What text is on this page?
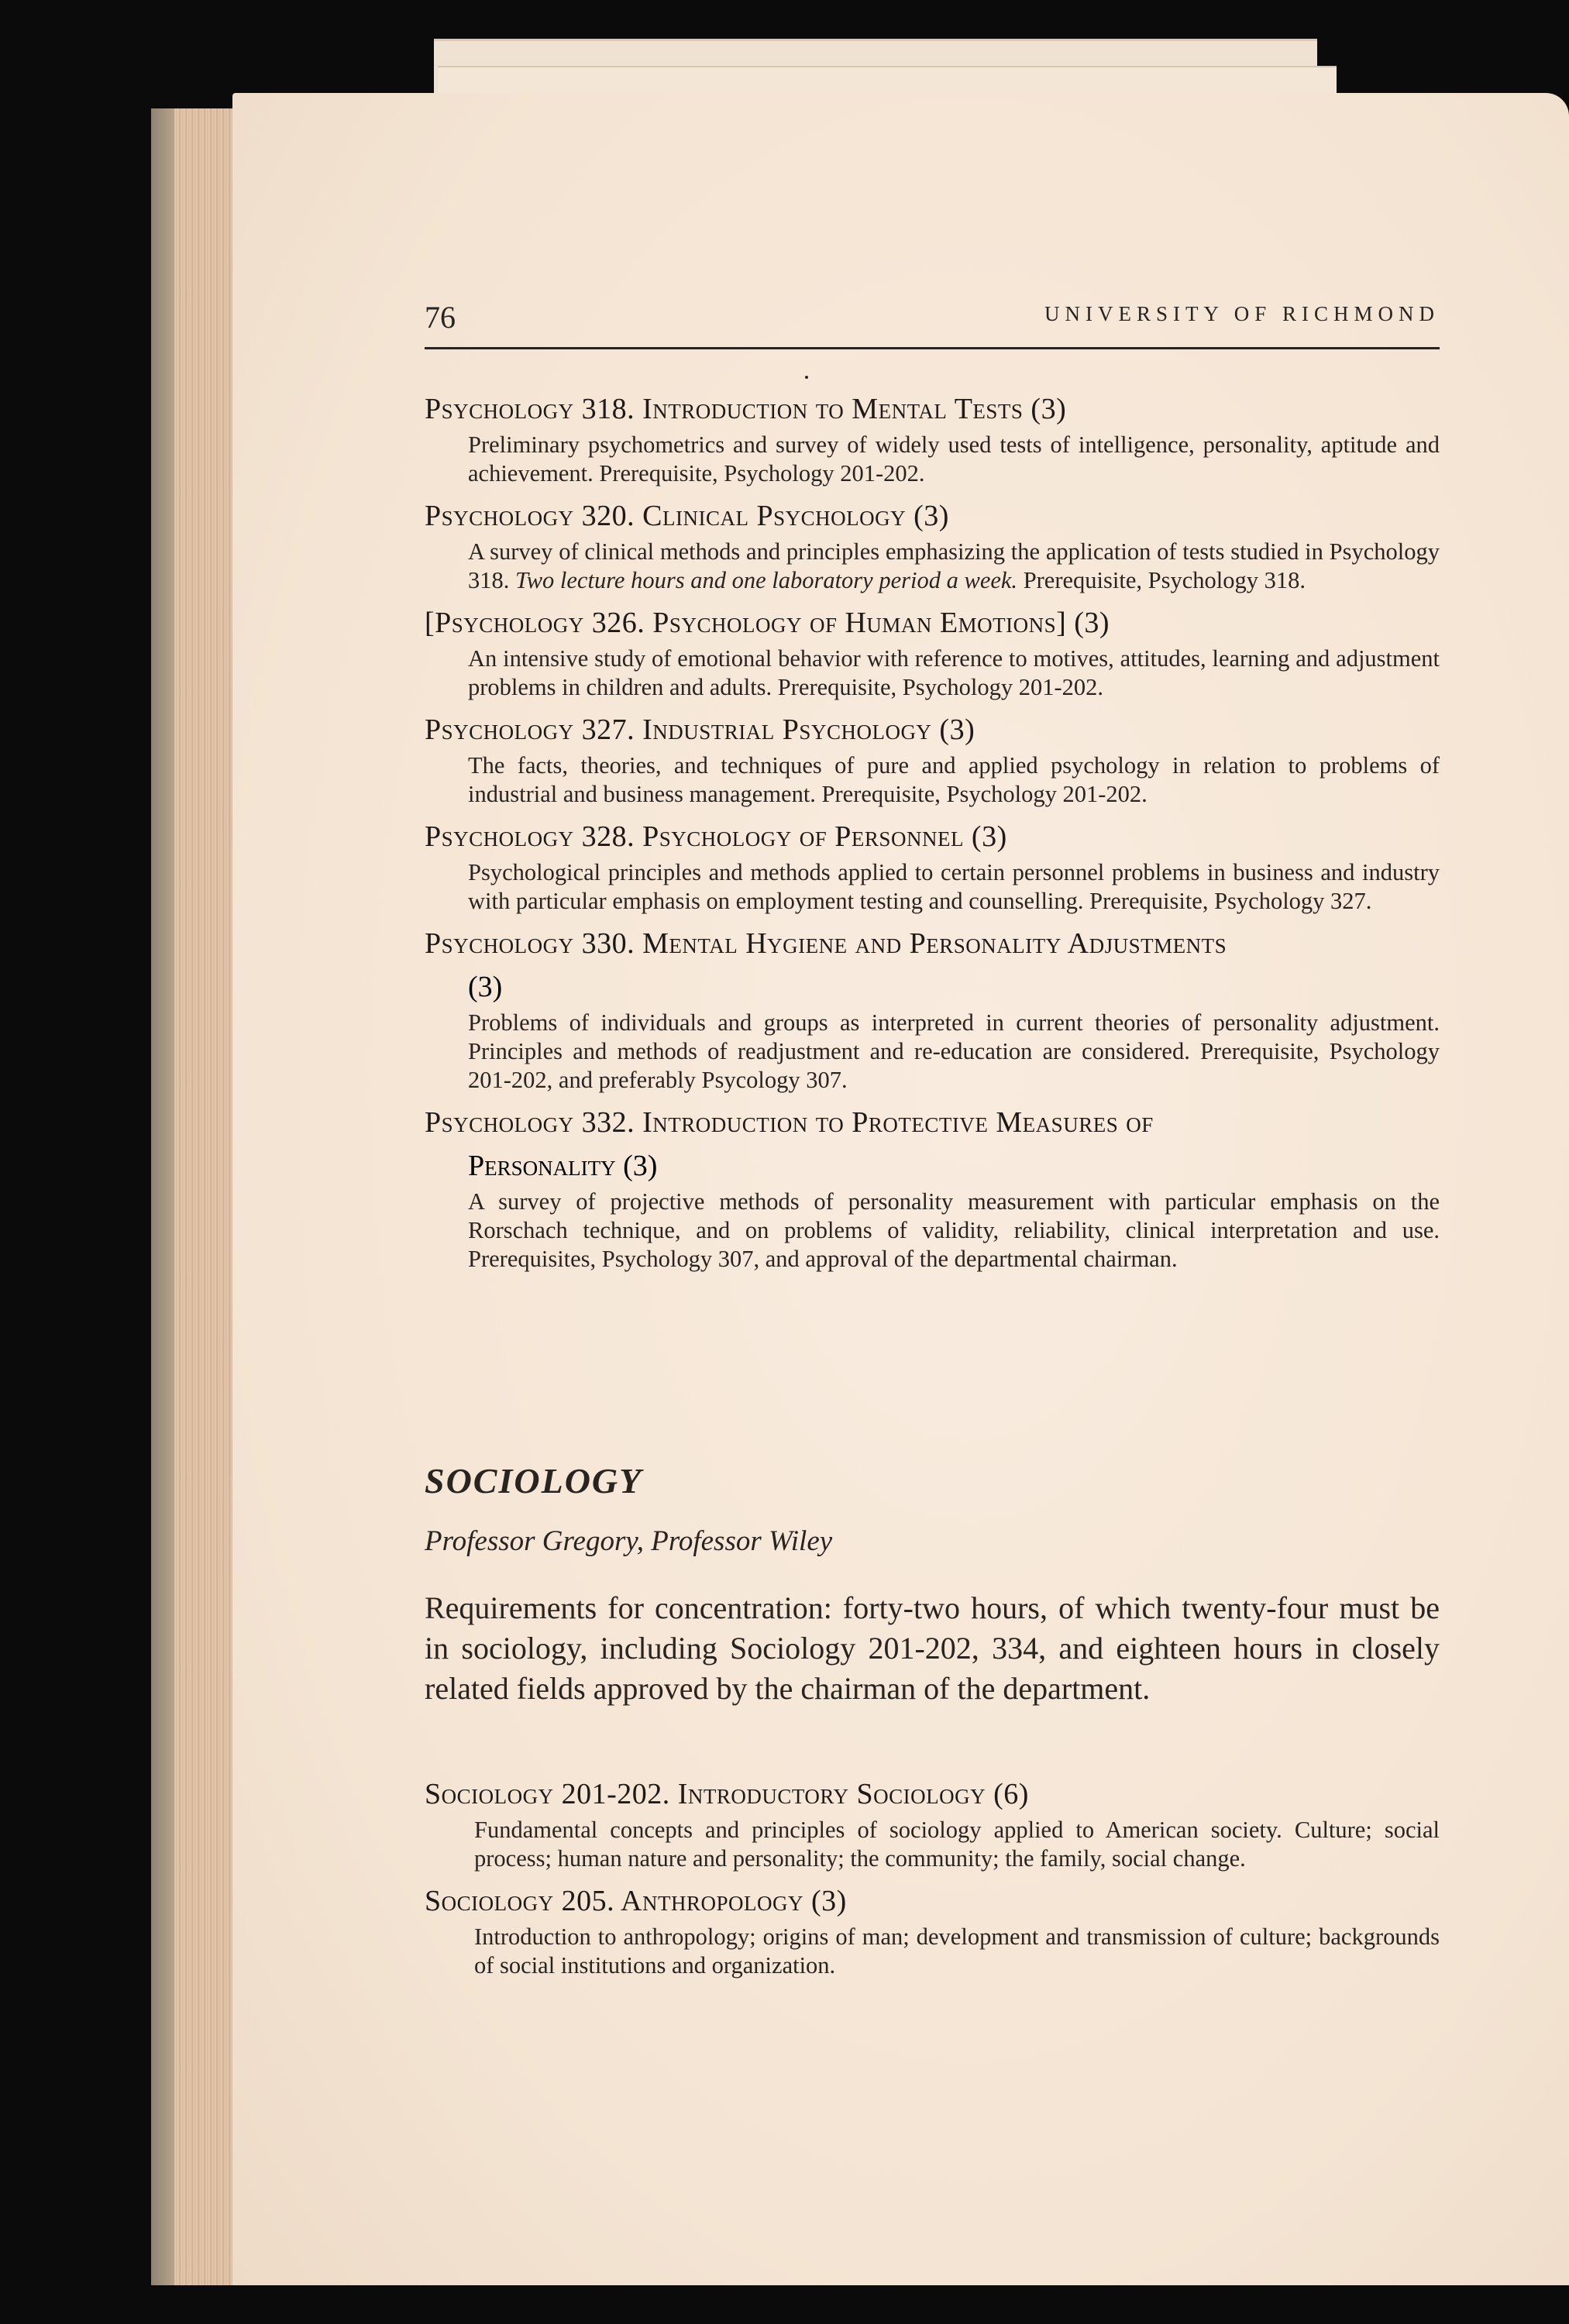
76	UNIVERSITY OF RICHMOND

Psychology 318. Introduction to Mental Tests (3)

Preliminary psychometrics and survey of widely used tests of intelligence, personality, aptitude and achievement. Prerequisite, Psychology 201-202.

Psychology 320. Clinical Psychology (3)

A survey of clinical methods and principles emphasizing the application of tests studied in Psychology 318. Two lecture hours and one laboratory period a week. Prerequisite, Psychology 318.

[Psychology 326. Psychology of Human Emotions] (3)

An intensive study of emotional behavior with reference to motives, attitudes, learning and adjustment problems in children and adults. Prerequisite, Psychology 201-202.

Psychology 327. Industrial Psychology (3)

The facts, theories, and techniques of pure and applied psychology in relation to problems of industrial and business management. Prerequisite, Psychology 201-202.

Psychology 328. Psychology of Personnel (3)

Psychological principles and methods applied to certain personnel problems in business and industry with particular emphasis on employment testing and counselling. Prerequisite, Psychology 327.

Psychology 330. Mental Hygiene and Personality Adjustments

(3)

Problems of individuals and groups as interpreted in current theories of personality adjustment. Principles and methods of readjustment and re-education are considered. Prerequisite, Psychology 201-202, and preferably Psycology 307.

Psychology 332. Introduction to Protective Measures of

Personality (3)

A survey of projective methods of personality measurement with particular emphasis on the Rorschach technique, and on problems of validity, reliability, clinical interpretation and use. Prerequisites, Psychology 307, and approval of the departmental chairman.

SOCIOLOGY

Professor Gregory, Professor Wiley

Requirements for concentration: forty-two hours, of which twenty-four must be in sociology, including Sociology 201-202, 334, and eighteen hours in closely related fields approved by the chairman of the department.

Sociology 201-202. Introductory Sociology (6)

Fundamental concepts and principles of sociology applied to American society. Culture; social process; human nature and personality; the community; the family, social change.

Sociology 205. Anthropology (3)

Introduction to anthropology; origins of man; development and transmission of culture; backgrounds of social institutions and organization.
